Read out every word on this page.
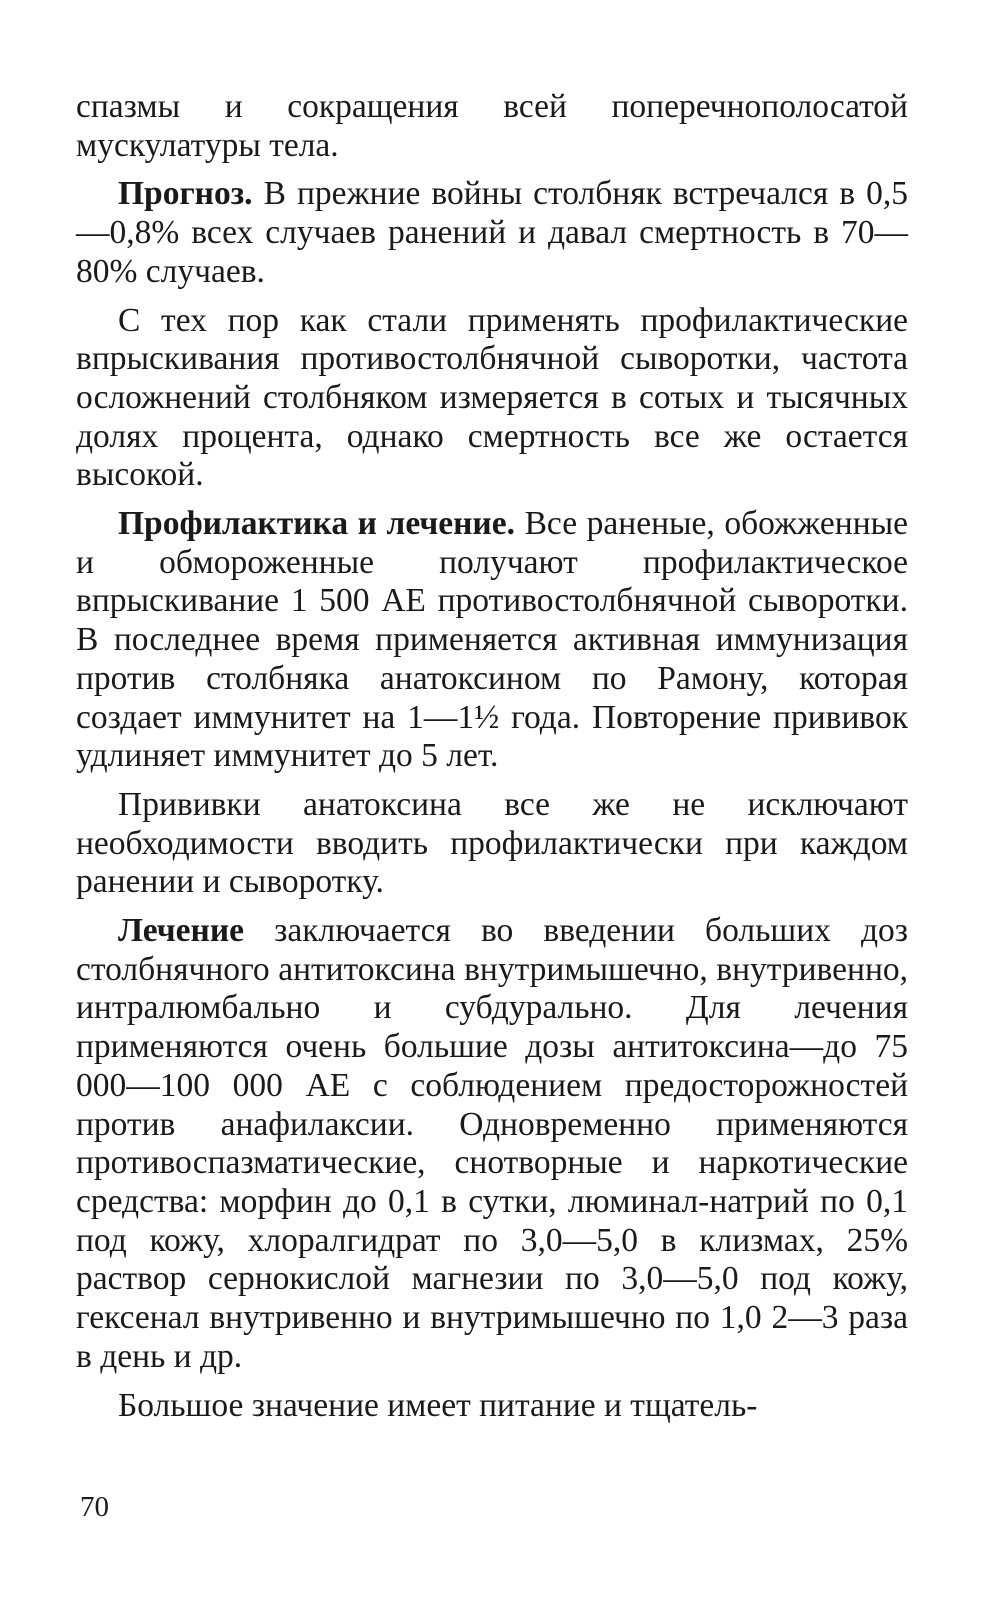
спазмы и сокращения всей поперечнополосатой мускулатуры тела.

Прогноз. В прежние войны столбняк встречался в 0,5—0,8% всех случаев ранений и давал смертность в 70—80% случаев.

С тех пор как стали применять профилактические впрыскивания противостолбнячной сыворотки, частота осложнений столбняком измеряется в сотых и тысячных долях процента, однако смертность все же остается высокой.

Профилактика и лечение. Все раненые, обожженные и обмороженные получают профилактическое впрыскивание 1 500 АЕ противостолбнячной сыворотки. В последнее время применяется активная иммунизация против столбняка анатоксином по Рамону, которая создает иммунитет на 1—1½ года. Повторение прививок удлиняет иммунитет до 5 лет.

Прививки анатоксина все же не исключают необходимости вводить профилактически при каждом ранении и сыворотку.

Лечение заключается во введении больших доз столбнячного антитоксина внутримышечно, внутривенно, интралюмбально и субдурально. Для лечения применяются очень большие дозы антитоксина—до 75 000—100 000 АЕ с соблюдением предосторожностей против анафилаксии. Одновременно применяются противоспазматические, снотворные и наркотические средства: морфин до 0,1 в сутки, люминал-натрий по 0,1 под кожу, хлоралгидрат по 3,0—5,0 в клизмах, 25% раствор сернокислой магнезии по 3,0—5,0 под кожу, гексенал внутривенно и внутримышечно по 1,0 2—3 раза в день и др.

Большое значение имеет питание и тщатель-

70
